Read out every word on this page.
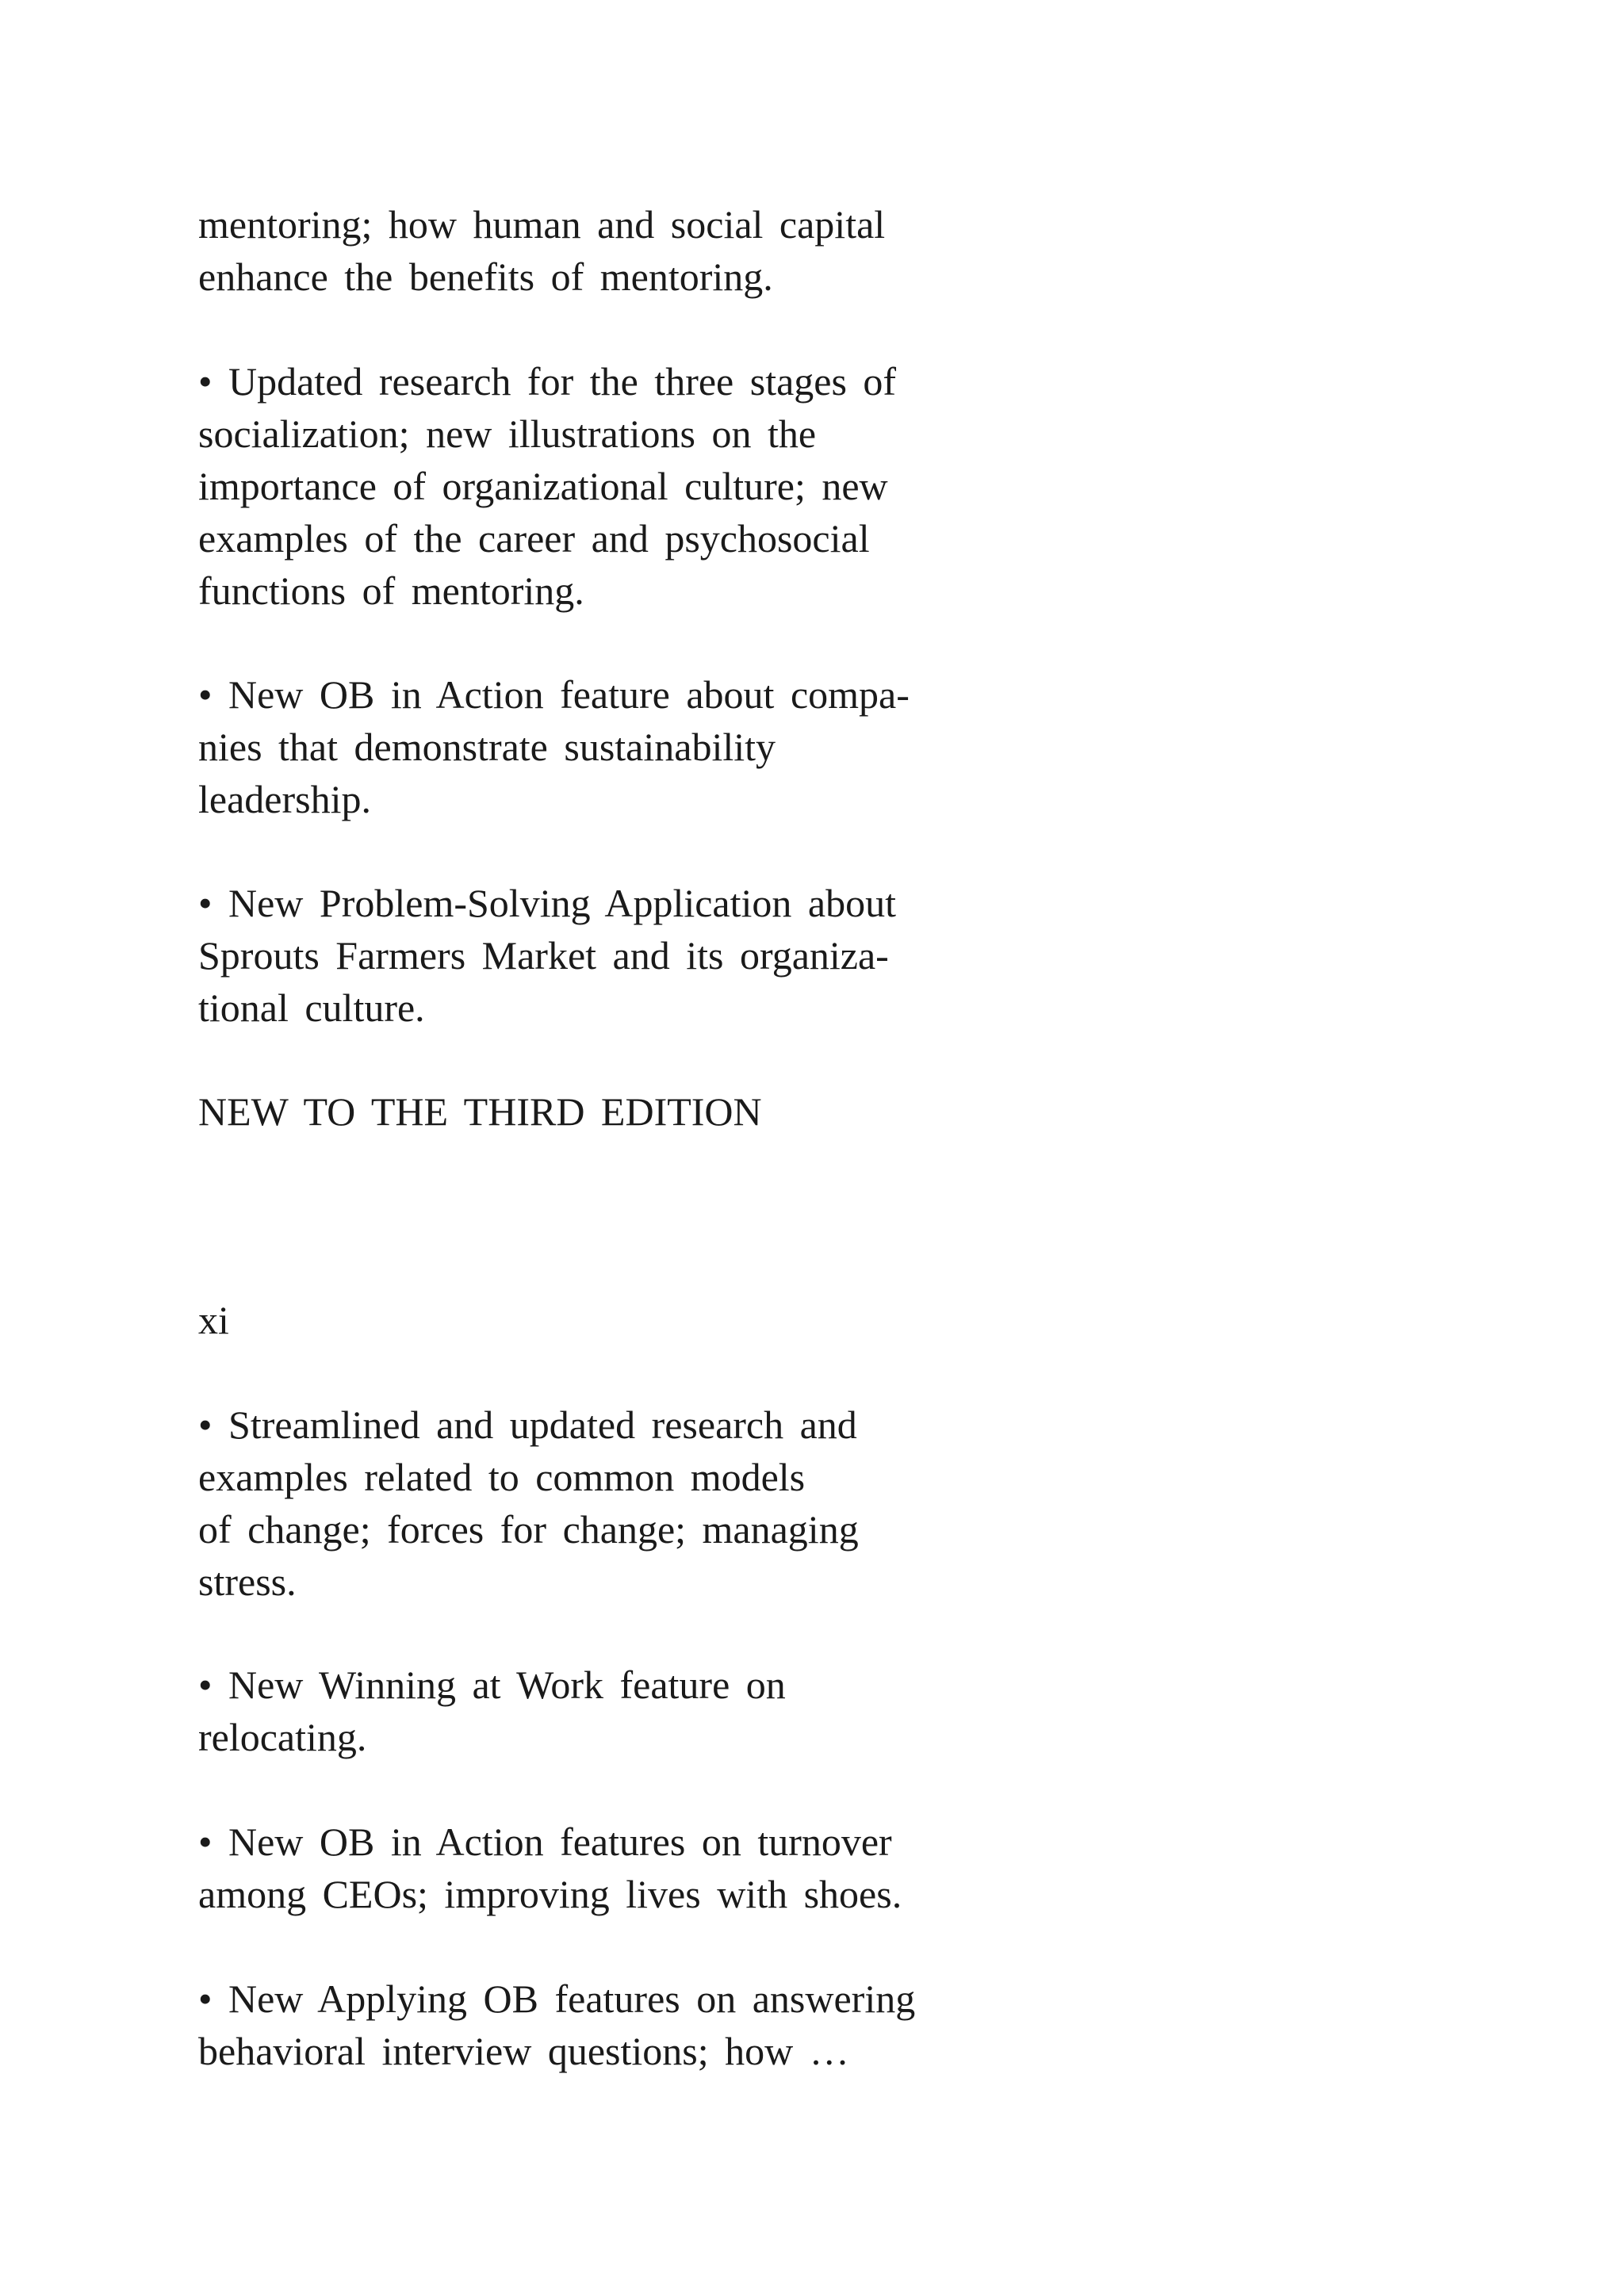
mentoring; how human and social capital
enhance the benefits of mentoring.

• Updated research for the three stages of
socialization; new illustrations on the
importance of organizational culture; new
examples of the career and psychosocial
functions of mentoring.

• New OB in Action feature about compa-
nies that demonstrate sustainability
leadership.

• New Problem-Solving Application about
Sprouts Farmers Market and its organiza-
tional culture.

NEW TO THE THIRD EDITION

xi

• Streamlined and updated research and
examples related to common models
of change; forces for change; managing
stress.

• New Winning at Work feature on
relocating.

• New OB in Action features on turnover
among CEOs; improving lives with shoes.

• New Applying OB features on answering
behavioral interview questions; how …
